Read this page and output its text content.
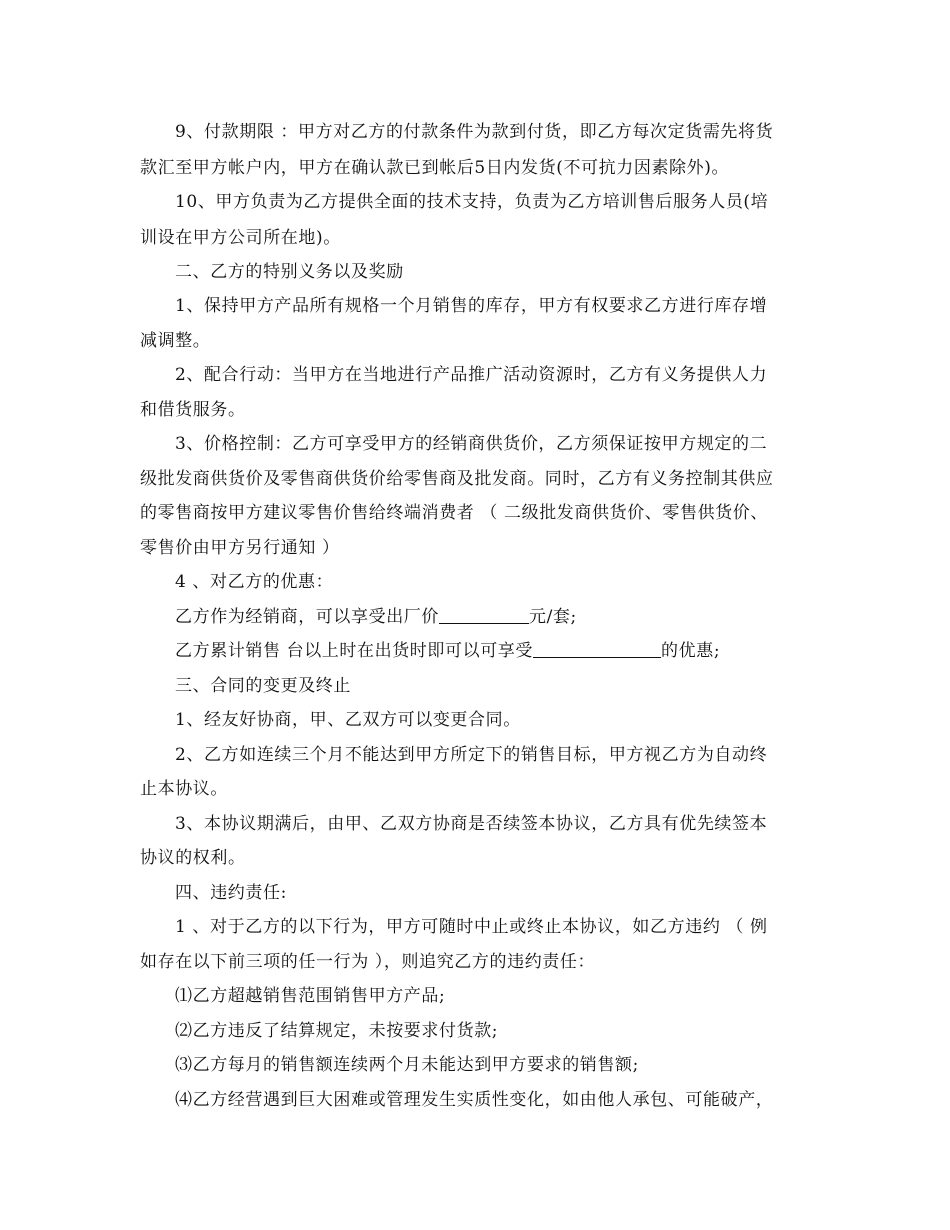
9、付款期限 ：甲方对乙方的付款条件为款到付货，即乙方每次定货需先将货
款汇至甲方帐户内，甲方在确认款已到帐后5日内发货(不可抗力因素除外)。
10、甲方负责为乙方提供全面的技术支持，负责为乙方培训售后服务人员(培
训设在甲方公司所在地)。
二、乙方的特别义务以及奖励
1、保持甲方产品所有规格一个月销售的库存，甲方有权要求乙方进行库存增
减调整。
2、配合行动：当甲方在当地进行产品推广活动资源时，乙方有义务提供人力
和借货服务。
3、价格控制：乙方可享受甲方的经销商供货价，乙方须保证按甲方规定的二
级批发商供货价及零售商供货价给零售商及批发商。同时，乙方有义务控制其供应
的零售商按甲方建议零售价售给终端消费者 （ 二级批发商供货价、零售供货价、
零售价由甲方另行通知 ）
4 、对乙方的优惠：
乙方作为经销商，可以享受出厂价	元/套;
乙方累计销售 台以上时在出货时即可以可享受	的优惠;
三、合同的变更及终止
1、经友好协商，甲、乙双方可以变更合同。
2、乙方如连续三个月不能达到甲方所定下的销售目标，甲方视乙方为自动终
止本协议。
3、本协议期满后，由甲、乙双方协商是否续签本协议，乙方具有优先续签本
协议的权利。
四、违约责任:
1 、对于乙方的以下行为，甲方可随时中止或终止本协议，如乙方违约 （ 例
如存在以下前三项的任一行为 ），则追究乙方的违约责任：
⑴乙方超越销售范围销售甲方产品;
⑵乙方违反了结算规定，未按要求付货款;
⑶乙方每月的销售额连续两个月未能达到甲方要求的销售额;
⑷乙方经营遇到巨大困难或管理发生实质性变化，如由他人承包、可能破产，
